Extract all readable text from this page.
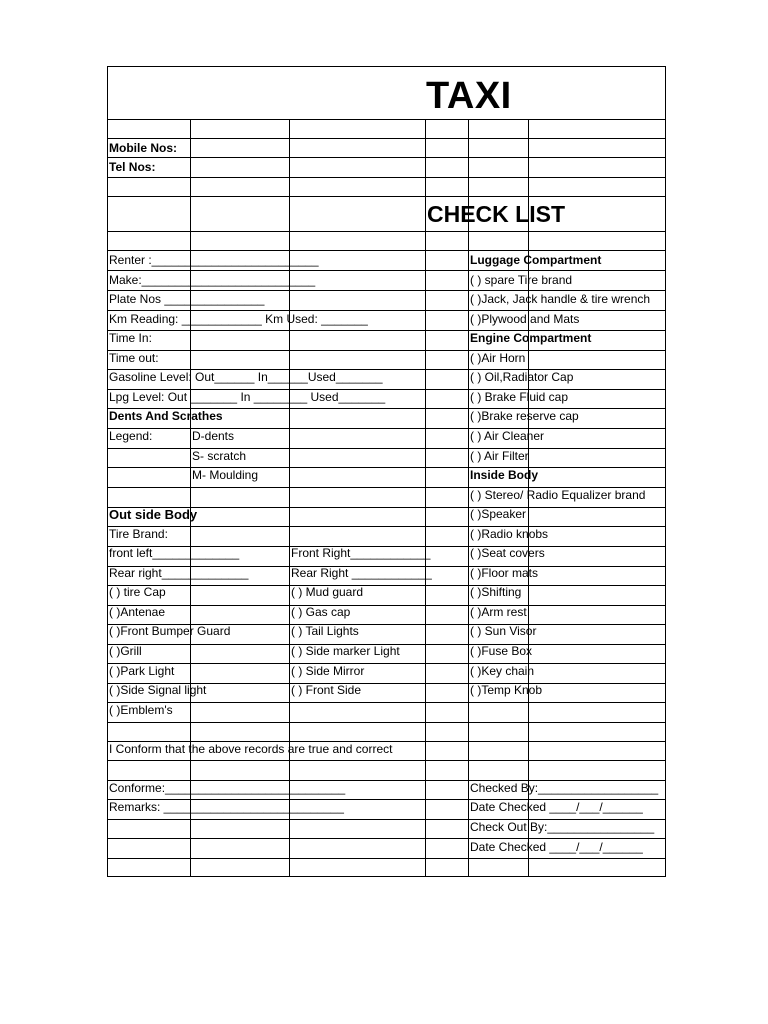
TAXI
CHECK LIST
Mobile Nos:
Tel Nos:
Renter :_________________________
Make:__________________________
Plate Nos _______________
Km Reading: ____________ Km Used: _______
Time In:
Time out:
Gasoline Level: Out______ In______Used_______
Lpg Level: Out _______ In ________ Used_______
Dents And Scrathes
Legend:
Out side Body
Tire Brand:
front left_____________
Rear right_____________
( ) tire Cap
( )Antenae
( )Front Bumper Guard
( )Grill
( )Park Light
( )Side Signal light
( )Emblem's
I Conform that the above records are true and correct
Conforme:___________________________
Remarks: ___________________________
D-dents
S- scratch
M- Moulding
Front Right____________
Rear Right ____________
( ) Mud guard
( ) Gas cap
( ) Tail Lights
( ) Side marker Light
( ) Side Mirror
( ) Front Side
Luggage Compartment
( ) spare Tire brand
( )Jack, Jack handle & tire wrench
( )Plywood and Mats
Engine Compartment
( )Air Horn
( ) Oil,Radiator Cap
( ) Brake Fluid cap
( )Brake reserve cap
( ) Air Cleaner
( ) Air Filter
Inside Body
( ) Stereo/ Radio Equalizer brand
( )Speaker
( )Radio knobs
( )Seat covers
( )Floor mats
( )Shifting
( )Arm rest
( ) Sun Visor
( )Fuse Box
( )Key chain
( )Temp Knob
Checked By:__________________
Date Checked ____/___/______
Check Out By:________________
Date Checked ____/___/______
